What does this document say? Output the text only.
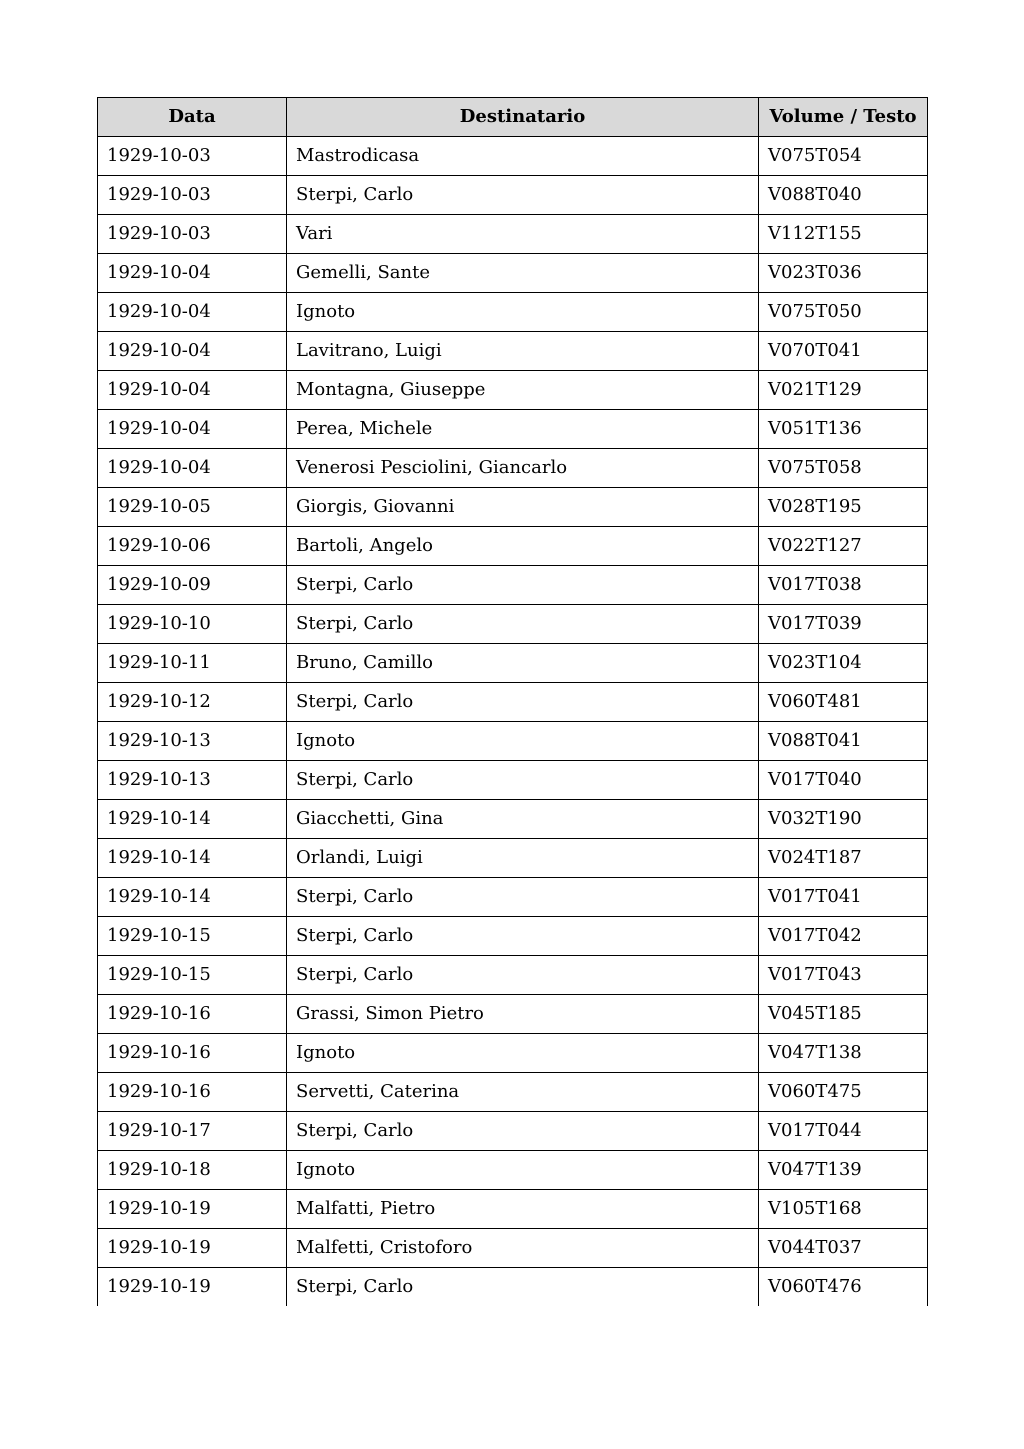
Data	Destinatario	Volume / Testo
1929-10-03	Mastrodicasa	V075T054
1929-10-03	Sterpi, Carlo	V088T040
1929-10-03	Vari	V112T155
1929-10-04	Gemelli, Sante	V023T036
1929-10-04	Ignoto	V075T050
1929-10-04	Lavitrano, Luigi	V070T041
1929-10-04	Montagna, Giuseppe	V021T129
1929-10-04	Perea, Michele	V051T136
1929-10-04	Venerosi Pesciolini, Giancarlo	V075T058
1929-10-05	Giorgis, Giovanni	V028T195
1929-10-06	Bartoli, Angelo	V022T127
1929-10-09	Sterpi, Carlo	V017T038
1929-10-10	Sterpi, Carlo	V017T039
1929-10-11	Bruno, Camillo	V023T104
1929-10-12	Sterpi, Carlo	V060T481
1929-10-13	Ignoto	V088T041
1929-10-13	Sterpi, Carlo	V017T040
1929-10-14	Giacchetti, Gina	V032T190
1929-10-14	Orlandi, Luigi	V024T187
1929-10-14	Sterpi, Carlo	V017T041
1929-10-15	Sterpi, Carlo	V017T042
1929-10-15	Sterpi, Carlo	V017T043
1929-10-16	Grassi, Simon Pietro	V045T185
1929-10-16	Ignoto	V047T138
1929-10-16	Servetti, Caterina	V060T475
1929-10-17	Sterpi, Carlo	V017T044
1929-10-18	Ignoto	V047T139
1929-10-19	Malfatti, Pietro	V105T168
1929-10-19	Malfetti, Cristoforo	V044T037
1929-10-19	Sterpi, Carlo	V060T476
